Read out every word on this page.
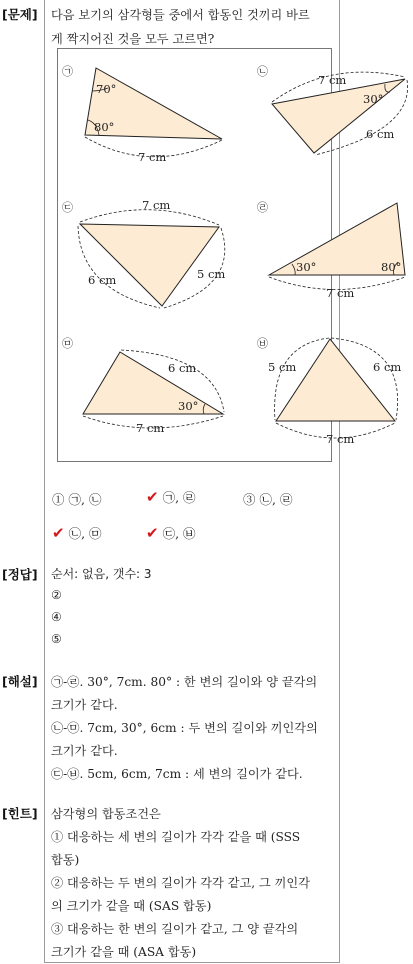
[문제] 다음 보기의 삼각형들 중에서 합동인 것끼리 바르
게 짝지어진 것을 모두 고르면?
㉠
70°
80°
7 cm
㉡
30°
7 cm
6 cm
㉢	7 cm
6 cm	5 cm
㉣
30°	80°
7 cm
㉤
30°
6 cm
7 cm
㉥
5 cm	6 cm
7 cm
① ㉠, ㉡	✔ ㉠, ㉣	③ ㉡, ㉣
✔ ㉡, ㉤	✔ ㉢, ㉥
[정답] 순서: 없음, 갯수: 3
②
④
⑤
[해설] ㉠-㉣. 30°, 7cm. 80° : 한 변의 길이와 양 끝각의
크기가 같다.
㉡-㉤. 7cm, 30°, 6cm : 두 변의 길이와 끼인각의
크기가 같다.
㉢-㉥. 5cm, 6cm, 7cm : 세 변의 길이가 같다.
[힌트] 삼각형의 합동조건은
① 대응하는 세 변의 길이가 각각 같을 때 (SSS
합동)
② 대응하는 두 변의 길이가 각각 같고, 그 끼인각
의 크기가 같을 때 (SAS 합동)
③ 대응하는 한 변의 길이가 같고, 그 양 끝각의
크기가 같을 때 (ASA 합동)
